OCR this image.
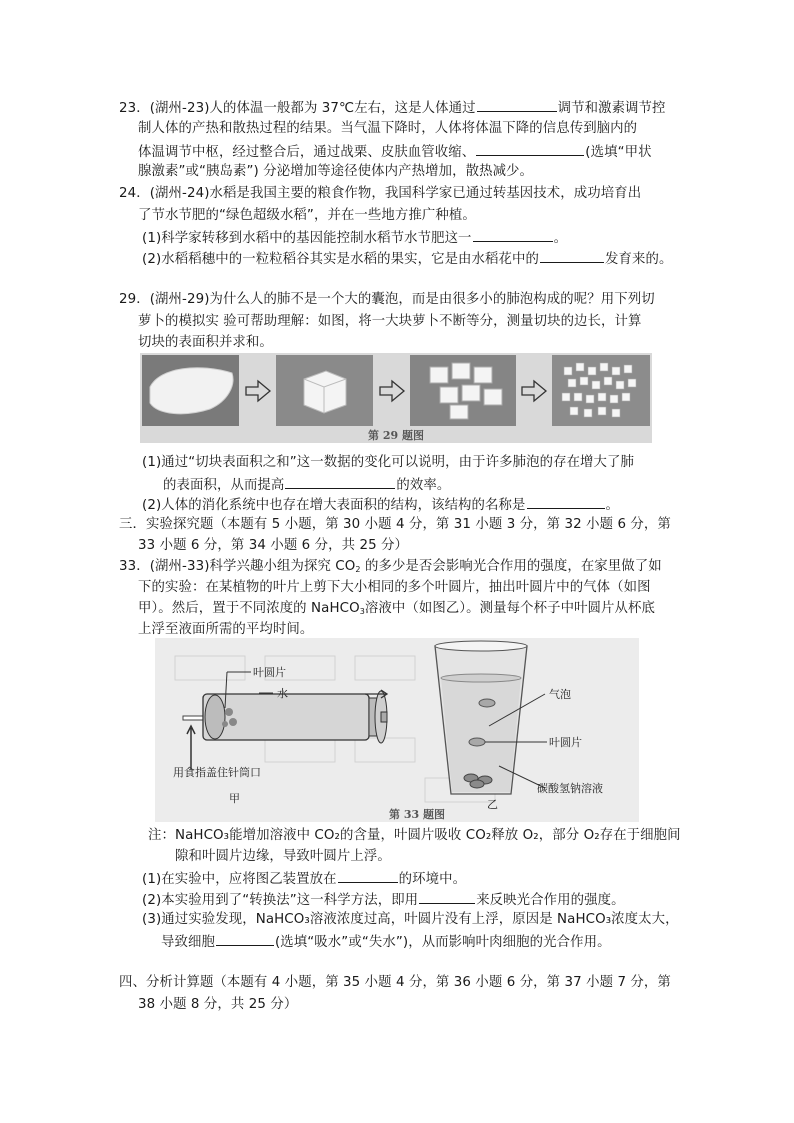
23．(湖州-23)人的体温一般都为 37℃左右，这是人体通过	调节和激素调节控
制人体的产热和散热过程的结果。当气温下降时，人体将体温下降的信息传到脑内的
体温调节中枢，经过整合后，通过战栗、皮肤血管收缩、	(选填“甲状
腺激素”或“胰岛素”) 分泌增加等途径使体内产热增加，散热减少。
24．(湖州-24)水稻是我国主要的粮食作物，我国科学家已通过转基因技术，成功培育出
了节水节肥的“绿色超级水稻”，并在一些地方推广种植。
(1)科学家转移到水稻中的基因能控制水稻节水节肥这一	。
(2)水稻稻穗中的一粒粒稻谷其实是水稻的果实，它是由水稻花中的	发育来的。
29．(湖州-29)为什么人的肺不是一个大的囊泡，而是由很多小的肺泡构成的呢？用下列切
萝卜的模拟实 验可帮助理解：如图，将一大块萝卜不断等分，测量切块的边长，计算
切块的表面积并求和。
第 29 题图
(1)通过“切块表面积之和”这一数据的变化可以说明，由于许多肺泡的存在增大了肺
的表面积，从而提高	的效率。
(2)人体的消化系统中也存在增大表面积的结构，该结构的名称是	。
三．实验探究题（本题有 5 小题，第 30 小题 4 分，第 31 小题 3 分，第 32 小题 6 分，第
33 小题 6 分，第 34 小题 6 分，共 25 分）
33．(湖州-33)科学兴趣小组为探究 $CO_2$ 的多少是否会影响光合作用的强度，在家里做了如
下的实验：在某植物的叶片上剪下大小相同的多个叶圆片，抽出叶圆片中的气体（如图
甲）。然后，置于不同浓度的 NaHCO$_3$溶液中（如图乙）。测量每个杯子中叶圆片从杯底
上浮至液面所需的平均时间。
叶圆片
水
用食指盖住针筒口
甲
气泡
叶圆片
碳酸氢钠溶液
乙
第 33 题图
注：NaHCO₃能增加溶液中 CO₂的含量，叶圆片吸收 CO₂释放 O₂，部分 O₂存在于细胞间
隙和叶圆片边缘，导致叶圆片上浮。
(1)在实验中，应将图乙装置放在	的环境中。
(2)本实验用到了“转换法”这一科学方法，即用	来反映光合作用的强度。
(3)通过实验发现，NaHCO₃溶液浓度过高，叶圆片没有上浮，原因是 NaHCO₃浓度太大，
导致细胞	(选填“吸水”或“失水”)，从而影响叶肉细胞的光合作用。
四、分析计算题（本题有 4 小题，第 35 小题 4 分，第 36 小题 6 分，第 37 小题 7 分，第
38 小题 8 分，共 25 分）
